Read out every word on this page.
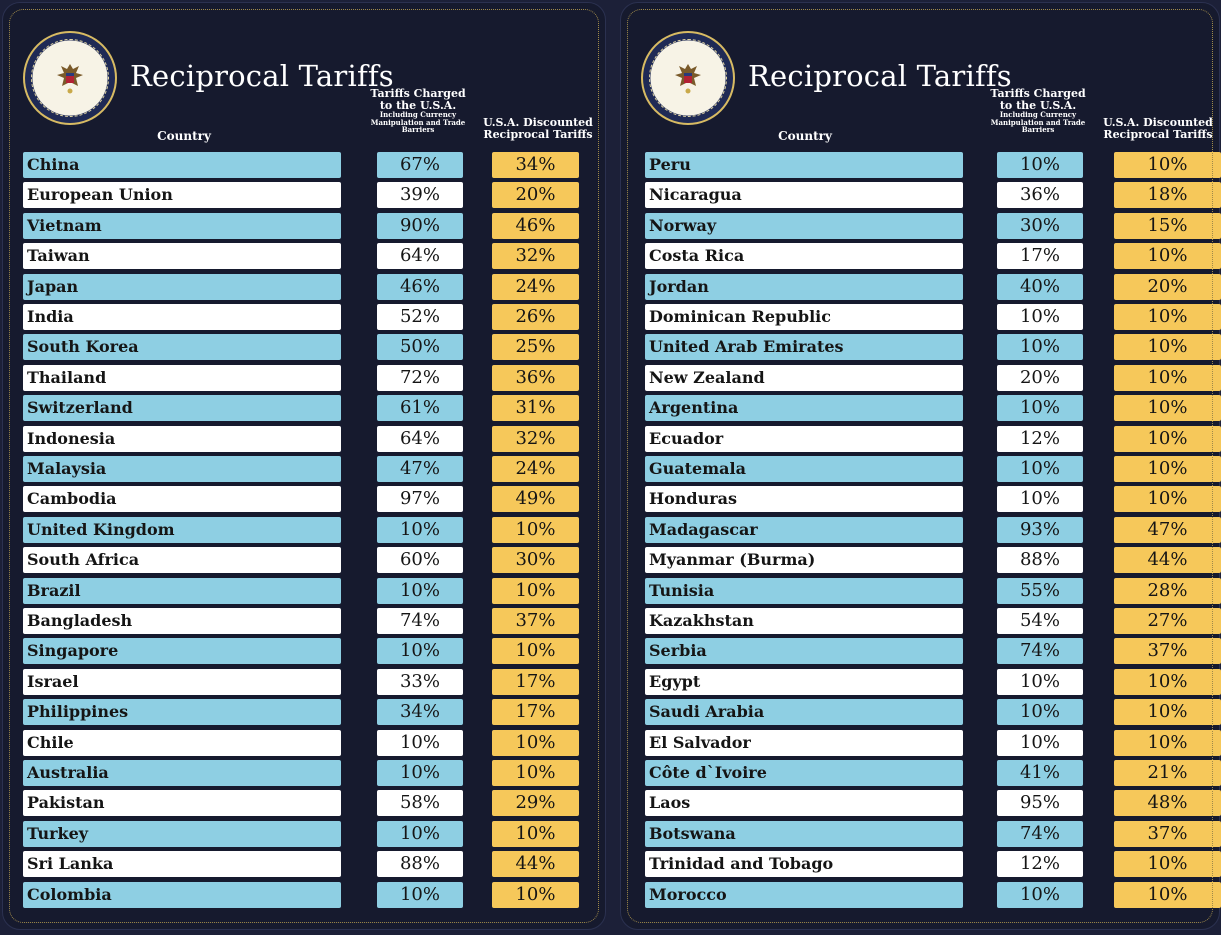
Reciprocal Tariffs
Country
Tariffs Charged to the U.S.A.
Including Currency Manipulation and Trade Barriers
U.S.A. Discounted Reciprocal Tariffs
China	67%	34%
European Union	39%	20%
Vietnam	90%	46%
Taiwan	64%	32%
Japan	46%	24%
India	52%	26%
South Korea	50%	25%
Thailand	72%	36%
Switzerland	61%	31%
Indonesia	64%	32%
Malaysia	47%	24%
Cambodia	97%	49%
United Kingdom	10%	10%
South Africa	60%	30%
Brazil	10%	10%
Bangladesh	74%	37%
Singapore	10%	10%
Israel	33%	17%
Philippines	34%	17%
Chile	10%	10%
Australia	10%	10%
Pakistan	58%	29%
Turkey	10%	10%
Sri Lanka	88%	44%
Colombia	10%	10%
Reciprocal Tariffs
Country
Tariffs Charged to the U.S.A.
Including Currency Manipulation and Trade Barriers
U.S.A. Discounted Reciprocal Tariffs
Peru	10%	10%
Nicaragua	36%	18%
Norway	30%	15%
Costa Rica	17%	10%
Jordan	40%	20%
Dominican Republic	10%	10%
United Arab Emirates	10%	10%
New Zealand	20%	10%
Argentina	10%	10%
Ecuador	12%	10%
Guatemala	10%	10%
Honduras	10%	10%
Madagascar	93%	47%
Myanmar (Burma)	88%	44%
Tunisia	55%	28%
Kazakhstan	54%	27%
Serbia	74%	37%
Egypt	10%	10%
Saudi Arabia	10%	10%
El Salvador	10%	10%
Côte d`Ivoire	41%	21%
Laos	95%	48%
Botswana	74%	37%
Trinidad and Tobago	12%	10%
Morocco	10%	10%
